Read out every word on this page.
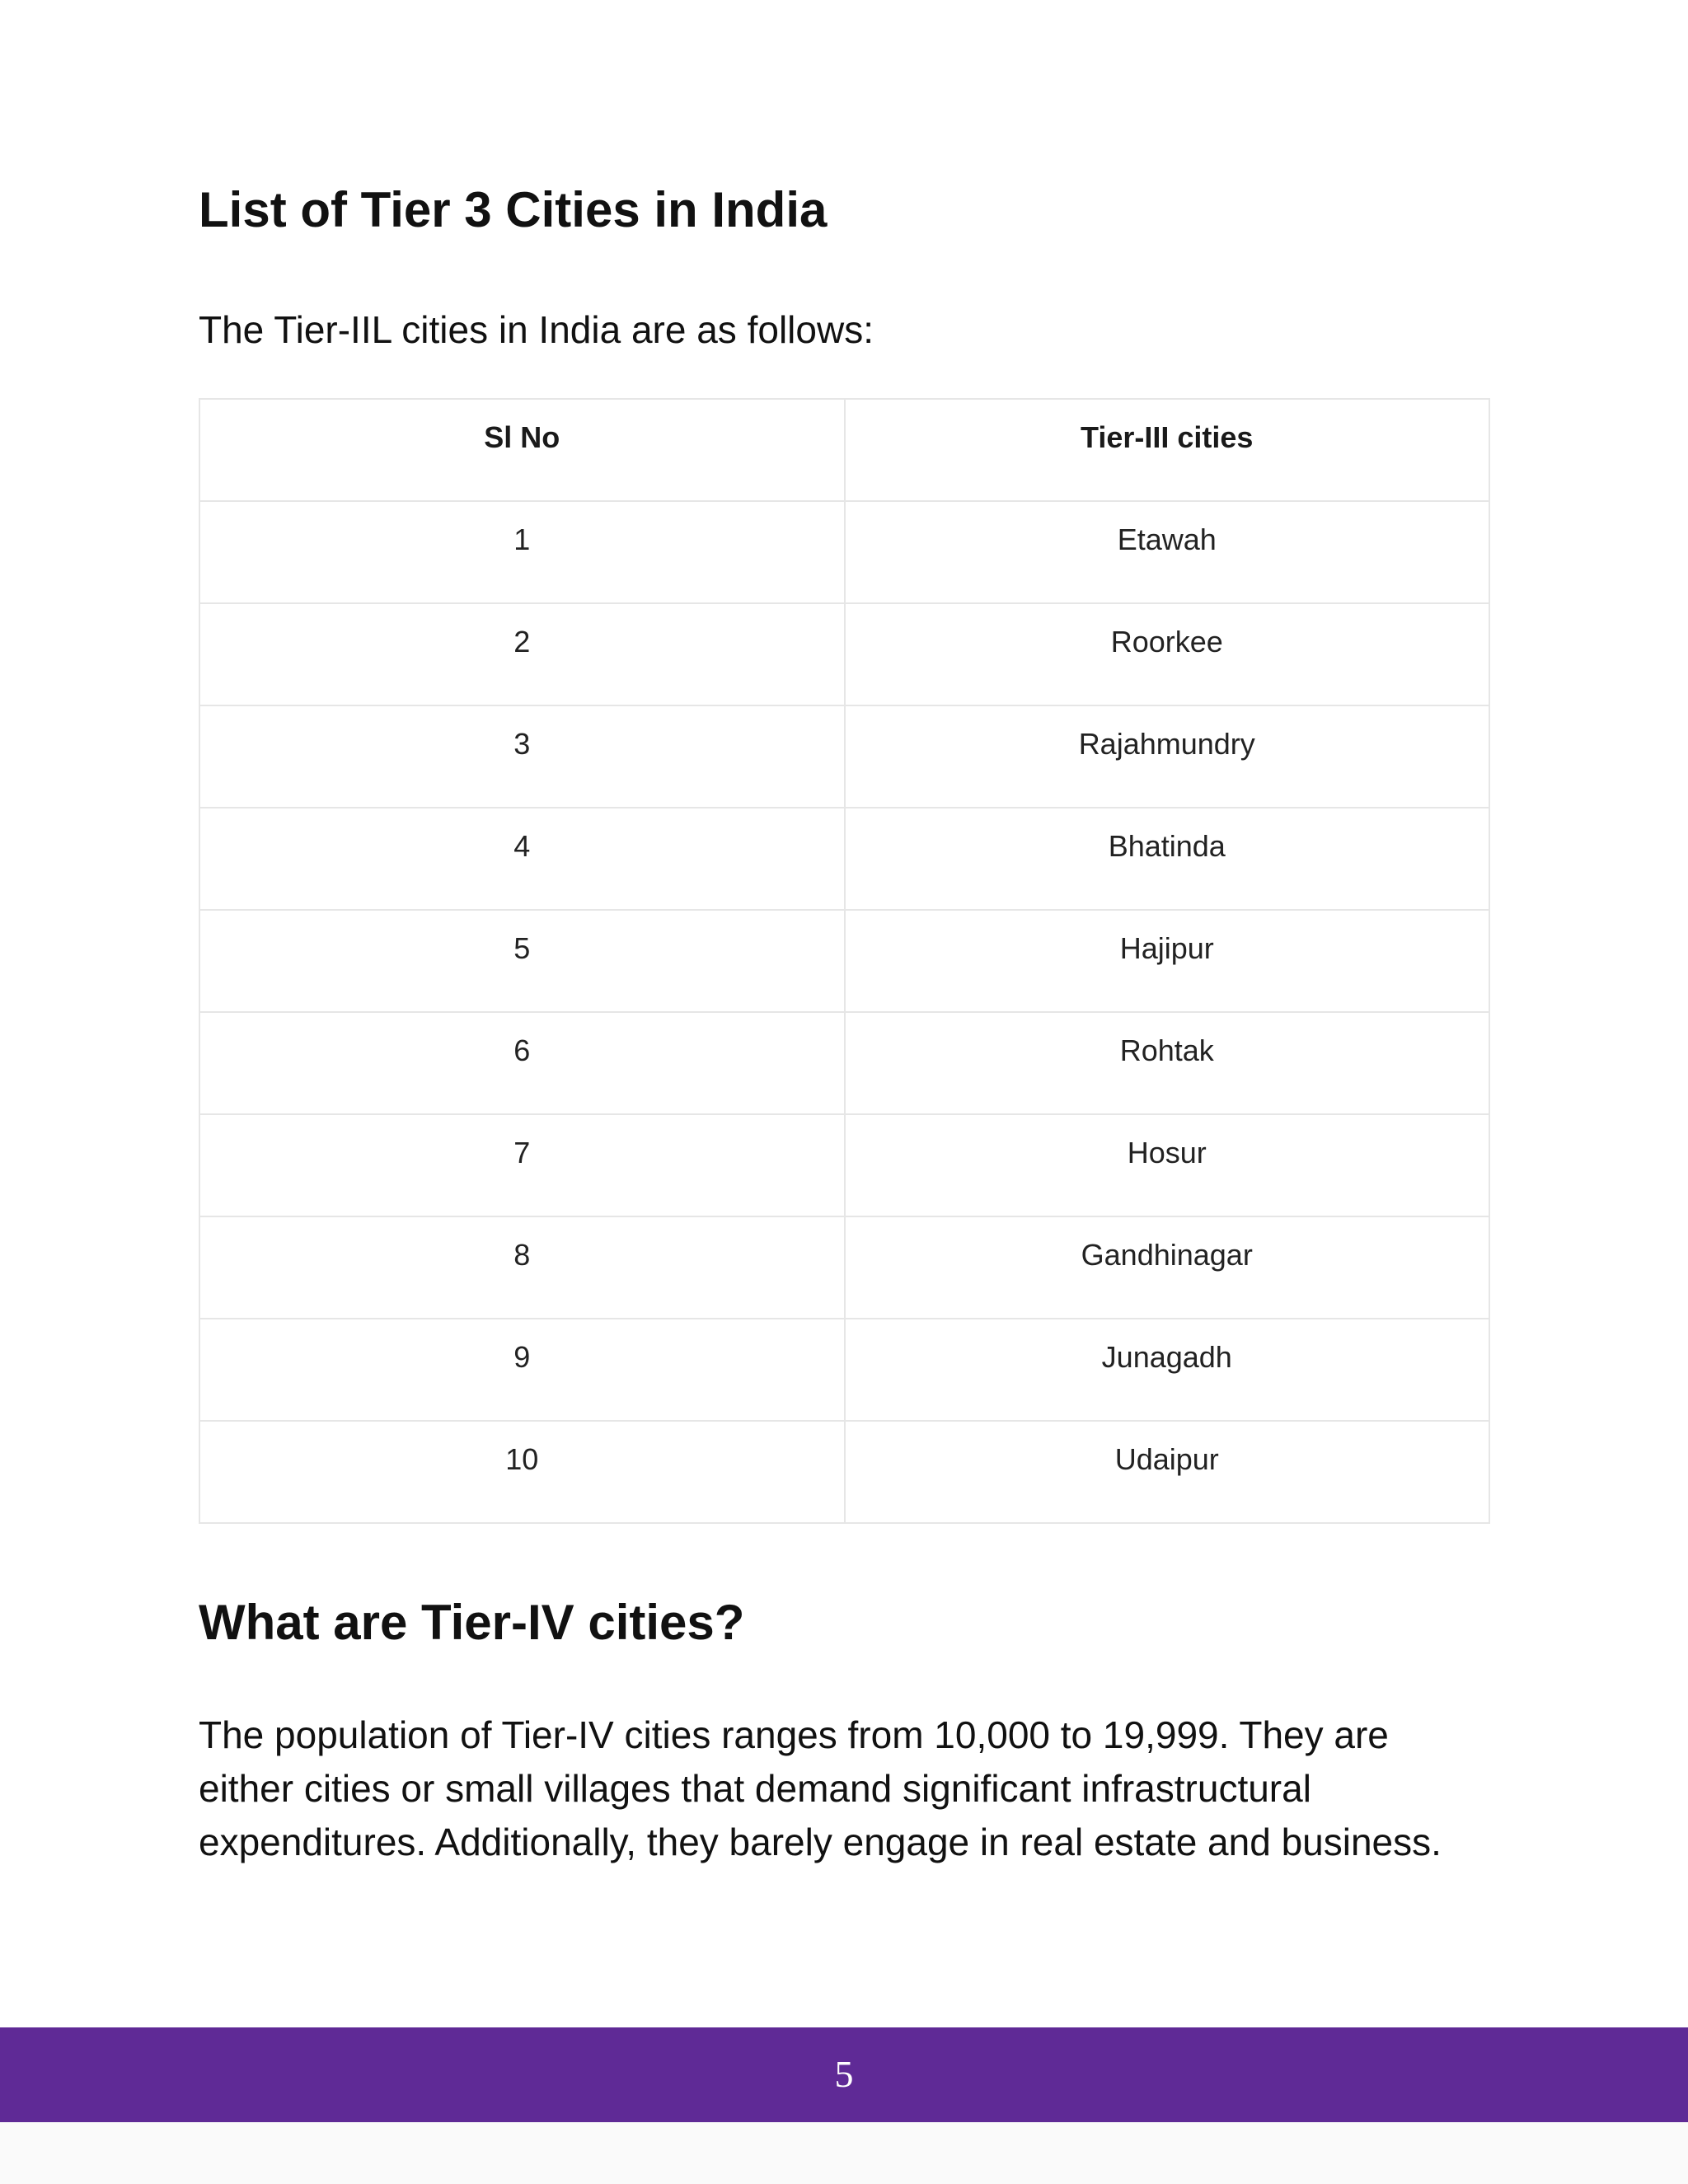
List of Tier 3 Cities in India

The Tier-IIL cities in India are as follows:

Sl No	Tier-III cities
1	Etawah
2	Roorkee
3	Rajahmundry
4	Bhatinda
5	Hajipur
6	Rohtak
7	Hosur
8	Gandhinagar
9	Junagadh
10	Udaipur
What are Tier-IV cities?

The population of Tier-IV cities ranges from 10,000 to 19,999. They are either cities or small villages that demand significant infrastructural expenditures. Additionally, they barely engage in real estate and business.

5
